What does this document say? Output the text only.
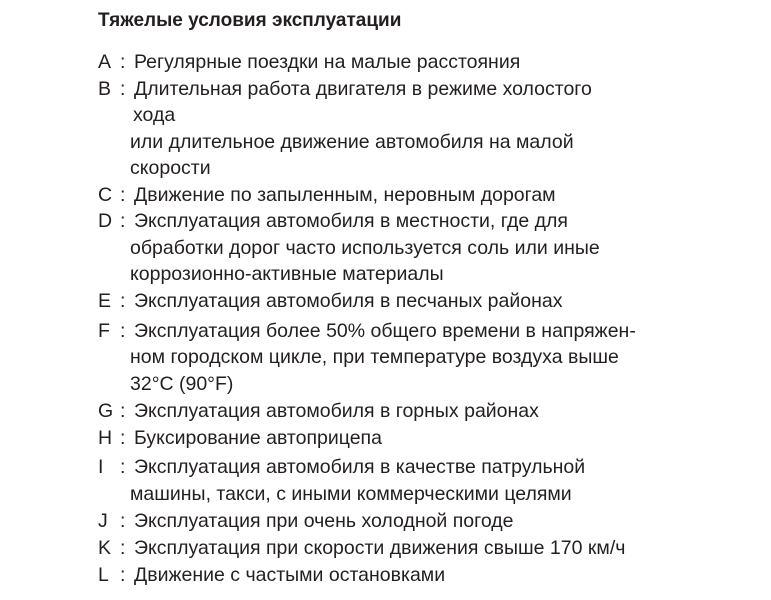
Тяжелые условия эксплуатации
A : Регулярные поездки на малые расстояния
B : Длительная работа двигателя в режиме холостого
хода
или длительное движение автомобиля на малой
скорости
C : Движение по запыленным, неровным дорогам
D : Эксплуатация автомобиля в местности, где для
обработки дорог часто используется соль или иные
коррозионно-активные материалы
E : Эксплуатация автомобиля в песчаных районах
F : Эксплуатация более 50% общего времени в напряжен-
ном городском цикле, при температуре воздуха выше
32°C (90°F)
G : Эксплуатация автомобиля в горных районах
H : Буксирование автоприцепа
I : Эксплуатация автомобиля в качестве патрульной
машины, такси, с иными коммерческими целями
J : Эксплуатация при очень холодной погоде
K : Эксплуатация при скорости движения свыше 170 км/ч
L : Движение с частыми остановками
